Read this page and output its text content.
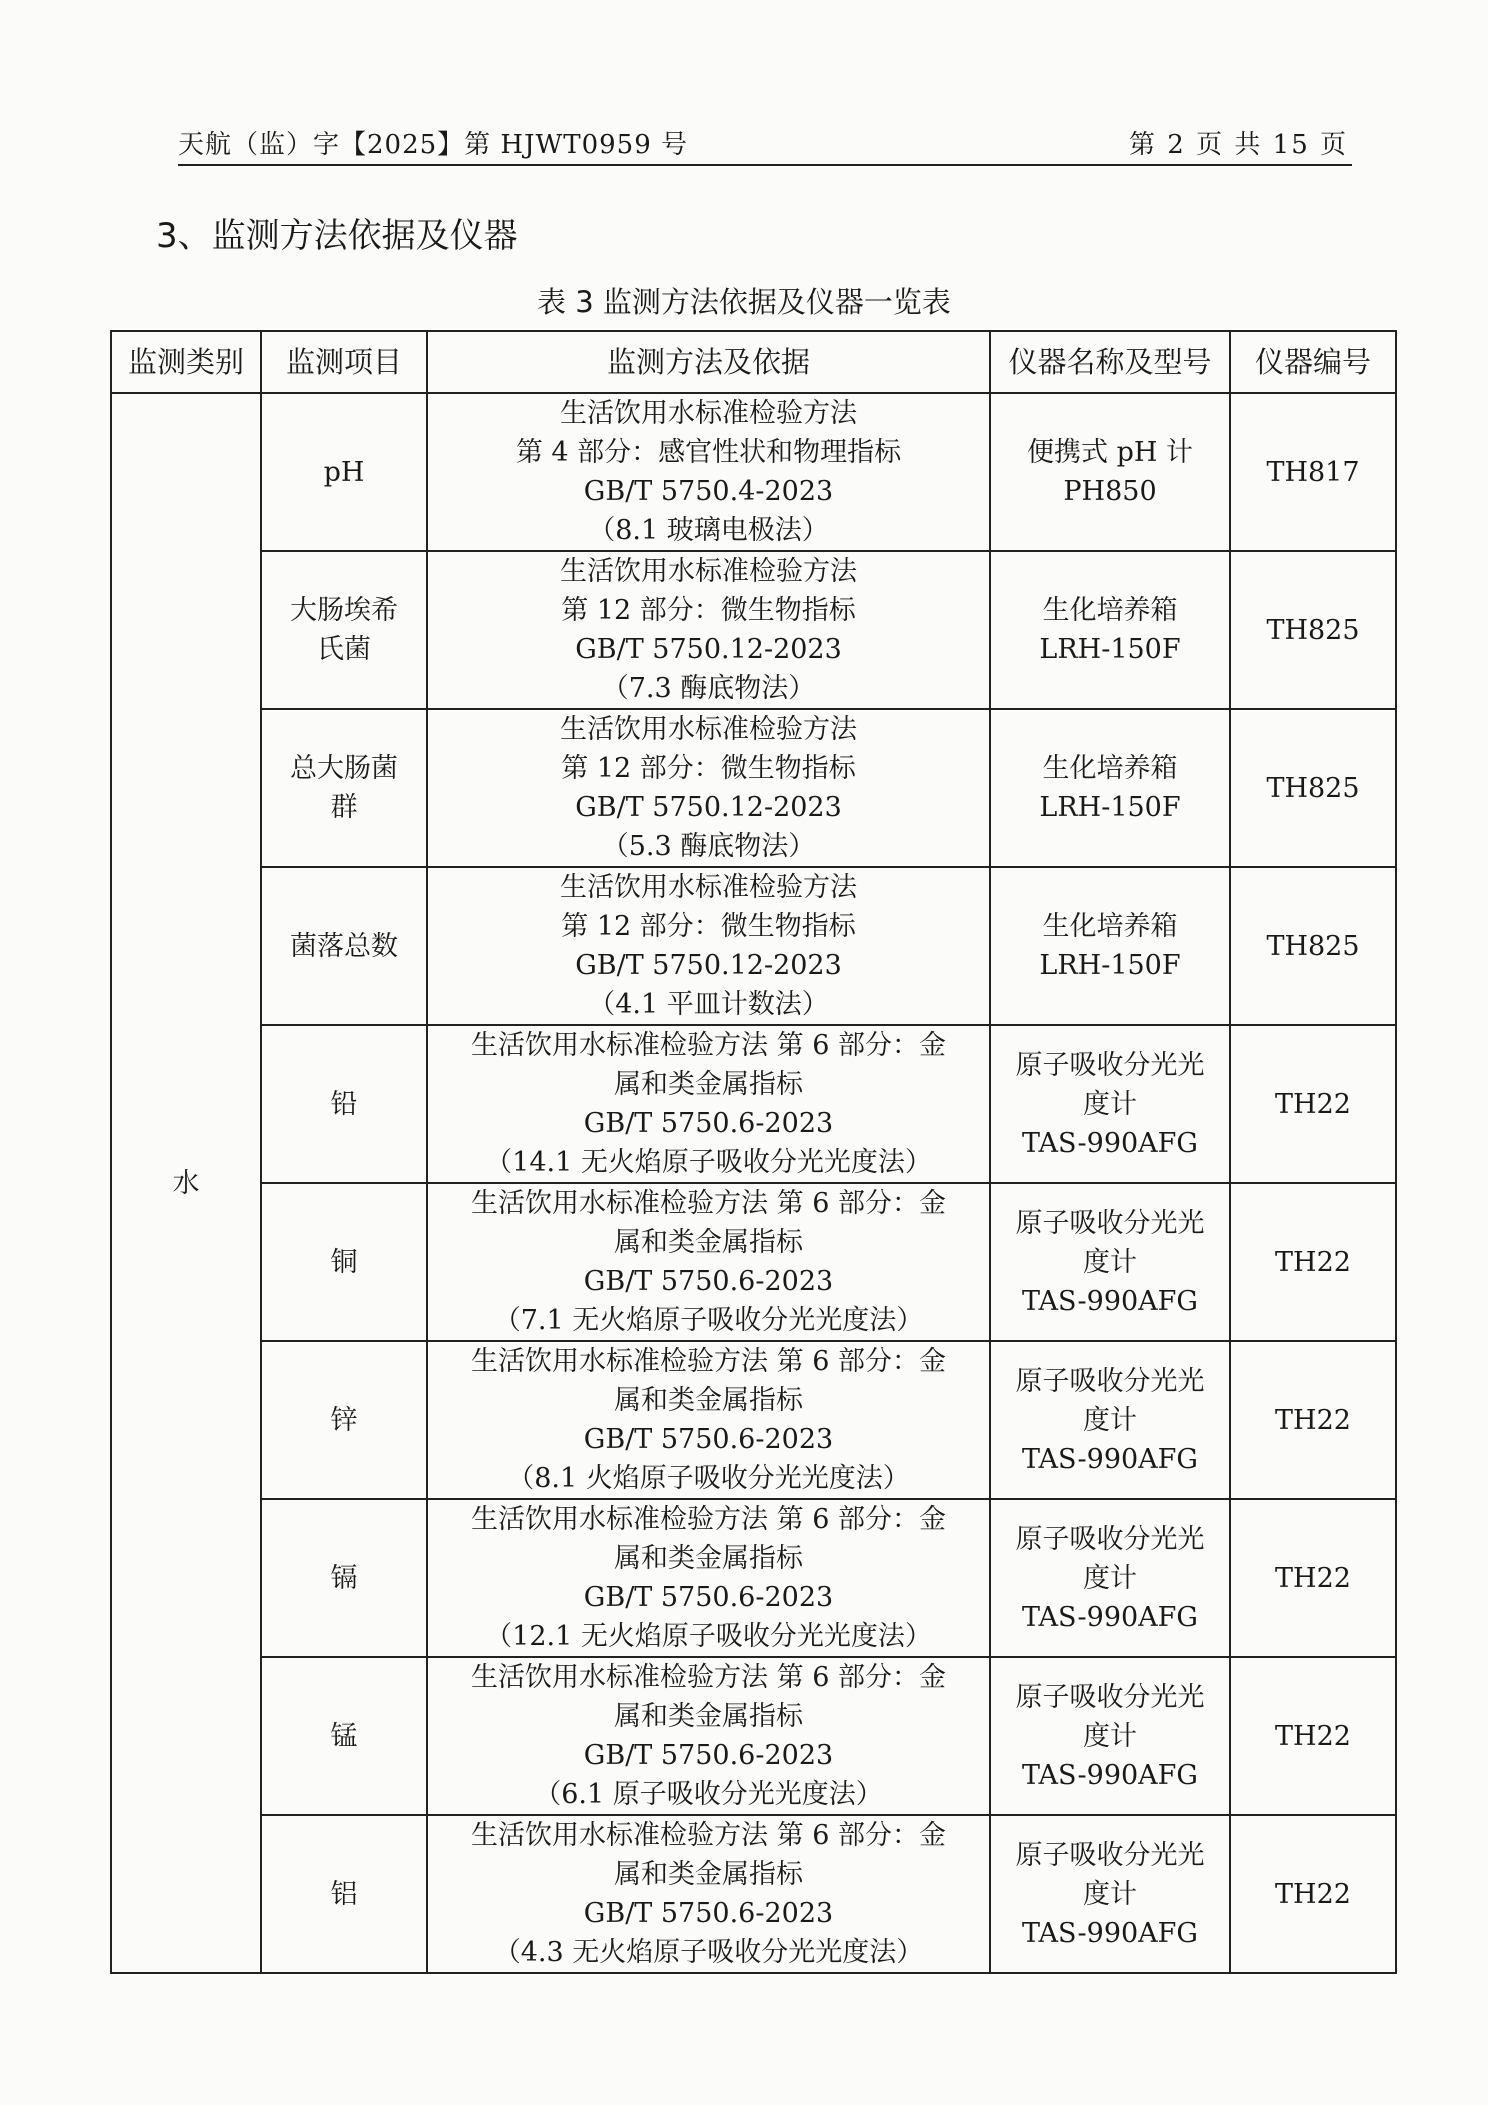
天航（监）字【2025】第 HJWT0959 号	第 2 页 共 15 页
3、监测方法依据及仪器
表 3 监测方法依据及仪器一览表
监测类别	监测项目	监测方法及依据	仪器名称及型号	仪器编号
水	pH	生活饮用水标准检验方法
第 4 部分：感官性状和物理指标
GB/T 5750.4-2023
（8.1 玻璃电极法）	便携式 pH 计
PH850	TH817

	大肠埃希
氏菌	生活饮用水标准检验方法
第 12 部分：微生物指标
GB/T 5750.12-2023
（7.3 酶底物法）	生化培养箱
LRH-150F	TH825

	总大肠菌
群	生活饮用水标准检验方法
第 12 部分：微生物指标
GB/T 5750.12-2023
（5.3 酶底物法）	生化培养箱
LRH-150F	TH825

	菌落总数	生活饮用水标准检验方法
第 12 部分：微生物指标
GB/T 5750.12-2023
（4.1 平皿计数法）	生化培养箱
LRH-150F	TH825

	铅	生活饮用水标准检验方法 第 6 部分：金
属和类金属指标
GB/T 5750.6-2023
（14.1 无火焰原子吸收分光光度法）	原子吸收分光光
度计
TAS-990AFG	TH22

	铜	生活饮用水标准检验方法 第 6 部分：金
属和类金属指标
GB/T 5750.6-2023
（7.1 无火焰原子吸收分光光度法）	原子吸收分光光
度计
TAS-990AFG	TH22

	锌	生活饮用水标准检验方法 第 6 部分：金
属和类金属指标
GB/T 5750.6-2023
（8.1 火焰原子吸收分光光度法）	原子吸收分光光
度计
TAS-990AFG	TH22

	镉	生活饮用水标准检验方法 第 6 部分：金
属和类金属指标
GB/T 5750.6-2023
（12.1 无火焰原子吸收分光光度法）	原子吸收分光光
度计
TAS-990AFG	TH22

	锰	生活饮用水标准检验方法 第 6 部分：金
属和类金属指标
GB/T 5750.6-2023
（6.1 原子吸收分光光度法）	原子吸收分光光
度计
TAS-990AFG	TH22

	铝	生活饮用水标准检验方法 第 6 部分：金
属和类金属指标
GB/T 5750.6-2023
（4.3 无火焰原子吸收分光光度法）	原子吸收分光光
度计
TAS-990AFG	TH22
